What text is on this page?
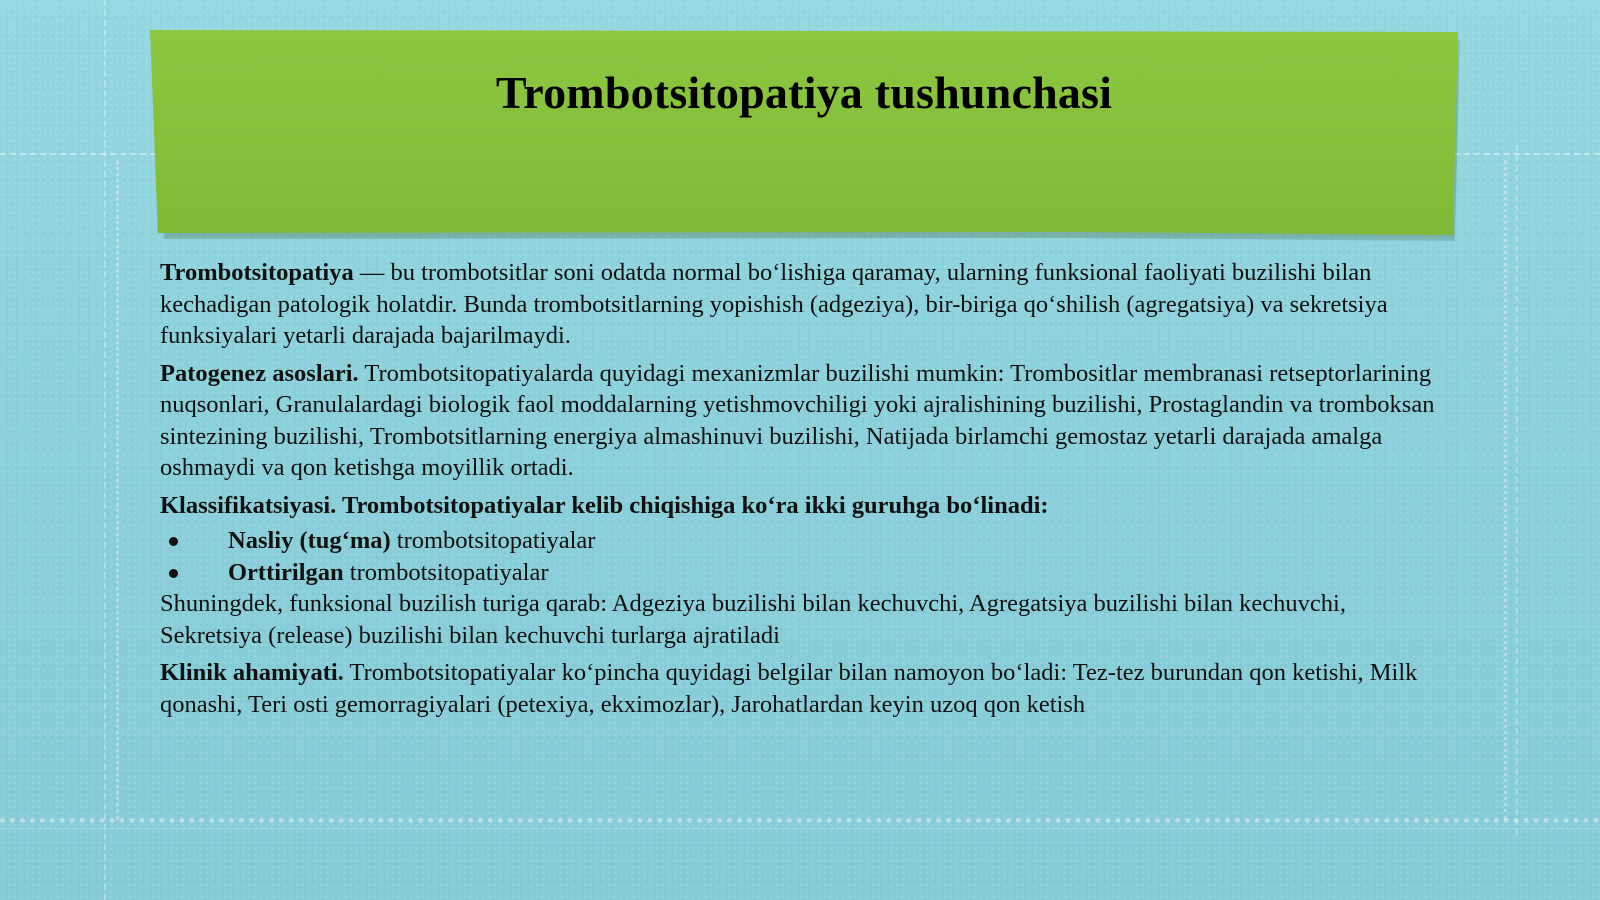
Trombotsitopatiya tushunchasi

Trombotsitopatiya — bu trombotsitlar soni odatda normal bo‘lishiga qaramay, ularning funksional faoliyati buzilishi bilan kechadigan patologik holatdir. Bunda trombotsitlarning yopishish (adgeziya), bir-biriga qo‘shilish (agregatsiya) va sekretsiya funksiyalari yetarli darajada bajarilmaydi.

Patogenez asoslari. Trombotsitopatiyalarda quyidagi mexanizmlar buzilishi mumkin: Trombositlar membranasi retseptorlarining nuqsonlari, Granulalardagi biologik faol moddalarning yetishmovchiligi yoki ajralishining buzilishi, Prostaglandin va tromboksan sintezining buzilishi, Trombotsitlarning energiya almashinuvi buzilishi, Natijada birlamchi gemostaz yetarli darajada amalga oshmaydi va qon ketishga moyillik ortadi.

Klassifikatsiyasi. Trombotsitopatiyalar kelib chiqishiga ko‘ra ikki guruhga bo‘linadi:

Nasliy (tug‘ma) trombotsitopatiyalar
Orttirilgan trombotsitopatiyalar

Shuningdek, funksional buzilish turiga qarab: Adgeziya buzilishi bilan kechuvchi, Agregatsiya buzilishi bilan kechuvchi, Sekretsiya (release) buzilishi bilan kechuvchi turlarga ajratiladi

Klinik ahamiyati. Trombotsitopatiyalar ko‘pincha quyidagi belgilar bilan namoyon bo‘ladi: Tez-tez burundan qon ketishi, Milk qonashi, Teri osti gemorragiyalari (petexiya, ekximozlar), Jarohatlardan keyin uzoq qon ketish
